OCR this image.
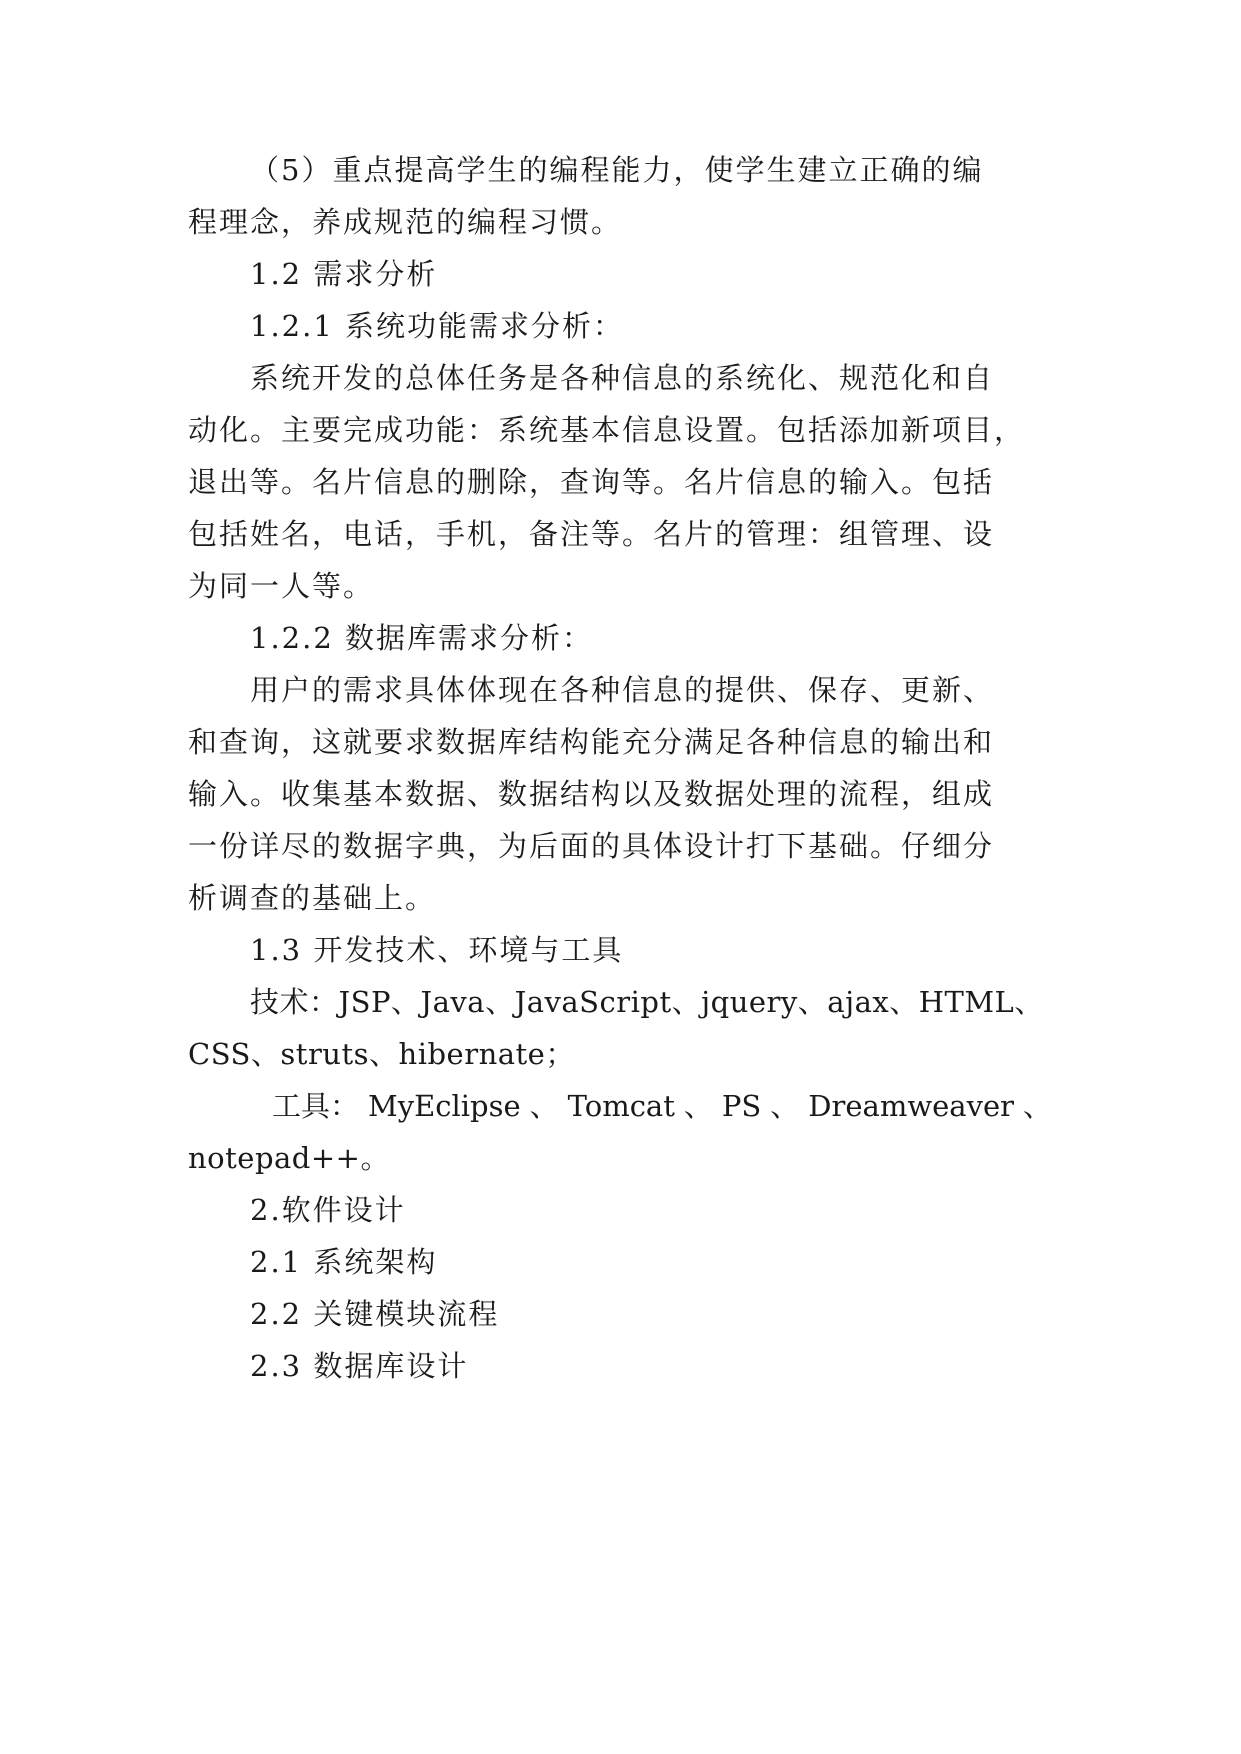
（5）重点提高学生的编程能力，使学生建立正确的编
程理念，养成规范的编程习惯。
1.2 需求分析
1.2.1 系统功能需求分析：
系统开发的总体任务是各种信息的系统化、规范化和自
动化。主要完成功能：系统基本信息设置。包括添加新项目，
退出等。名片信息的删除，查询等。名片信息的输入。包括
包括姓名，电话，手机，备注等。名片的管理：组管理、设
为同一人等。
1.2.2 数据库需求分析：
用户的需求具体体现在各种信息的提供、保存、更新、
和查询，这就要求数据库结构能充分满足各种信息的输出和
输入。收集基本数据、数据结构以及数据处理的流程，组成
一份详尽的数据字典，为后面的具体设计打下基础。仔细分
析调查的基础上。
1.3 开发技术、环境与工具
技术：JSP、Java、JavaScript、jquery、ajax、HTML、
CSS、struts、hibernate；
工具： MyEclipse 、 Tomcat 、 PS 、 Dreamweaver 、
notepad++。
2.软件设计
2.1 系统架构
2.2 关键模块流程
2.3 数据库设计
